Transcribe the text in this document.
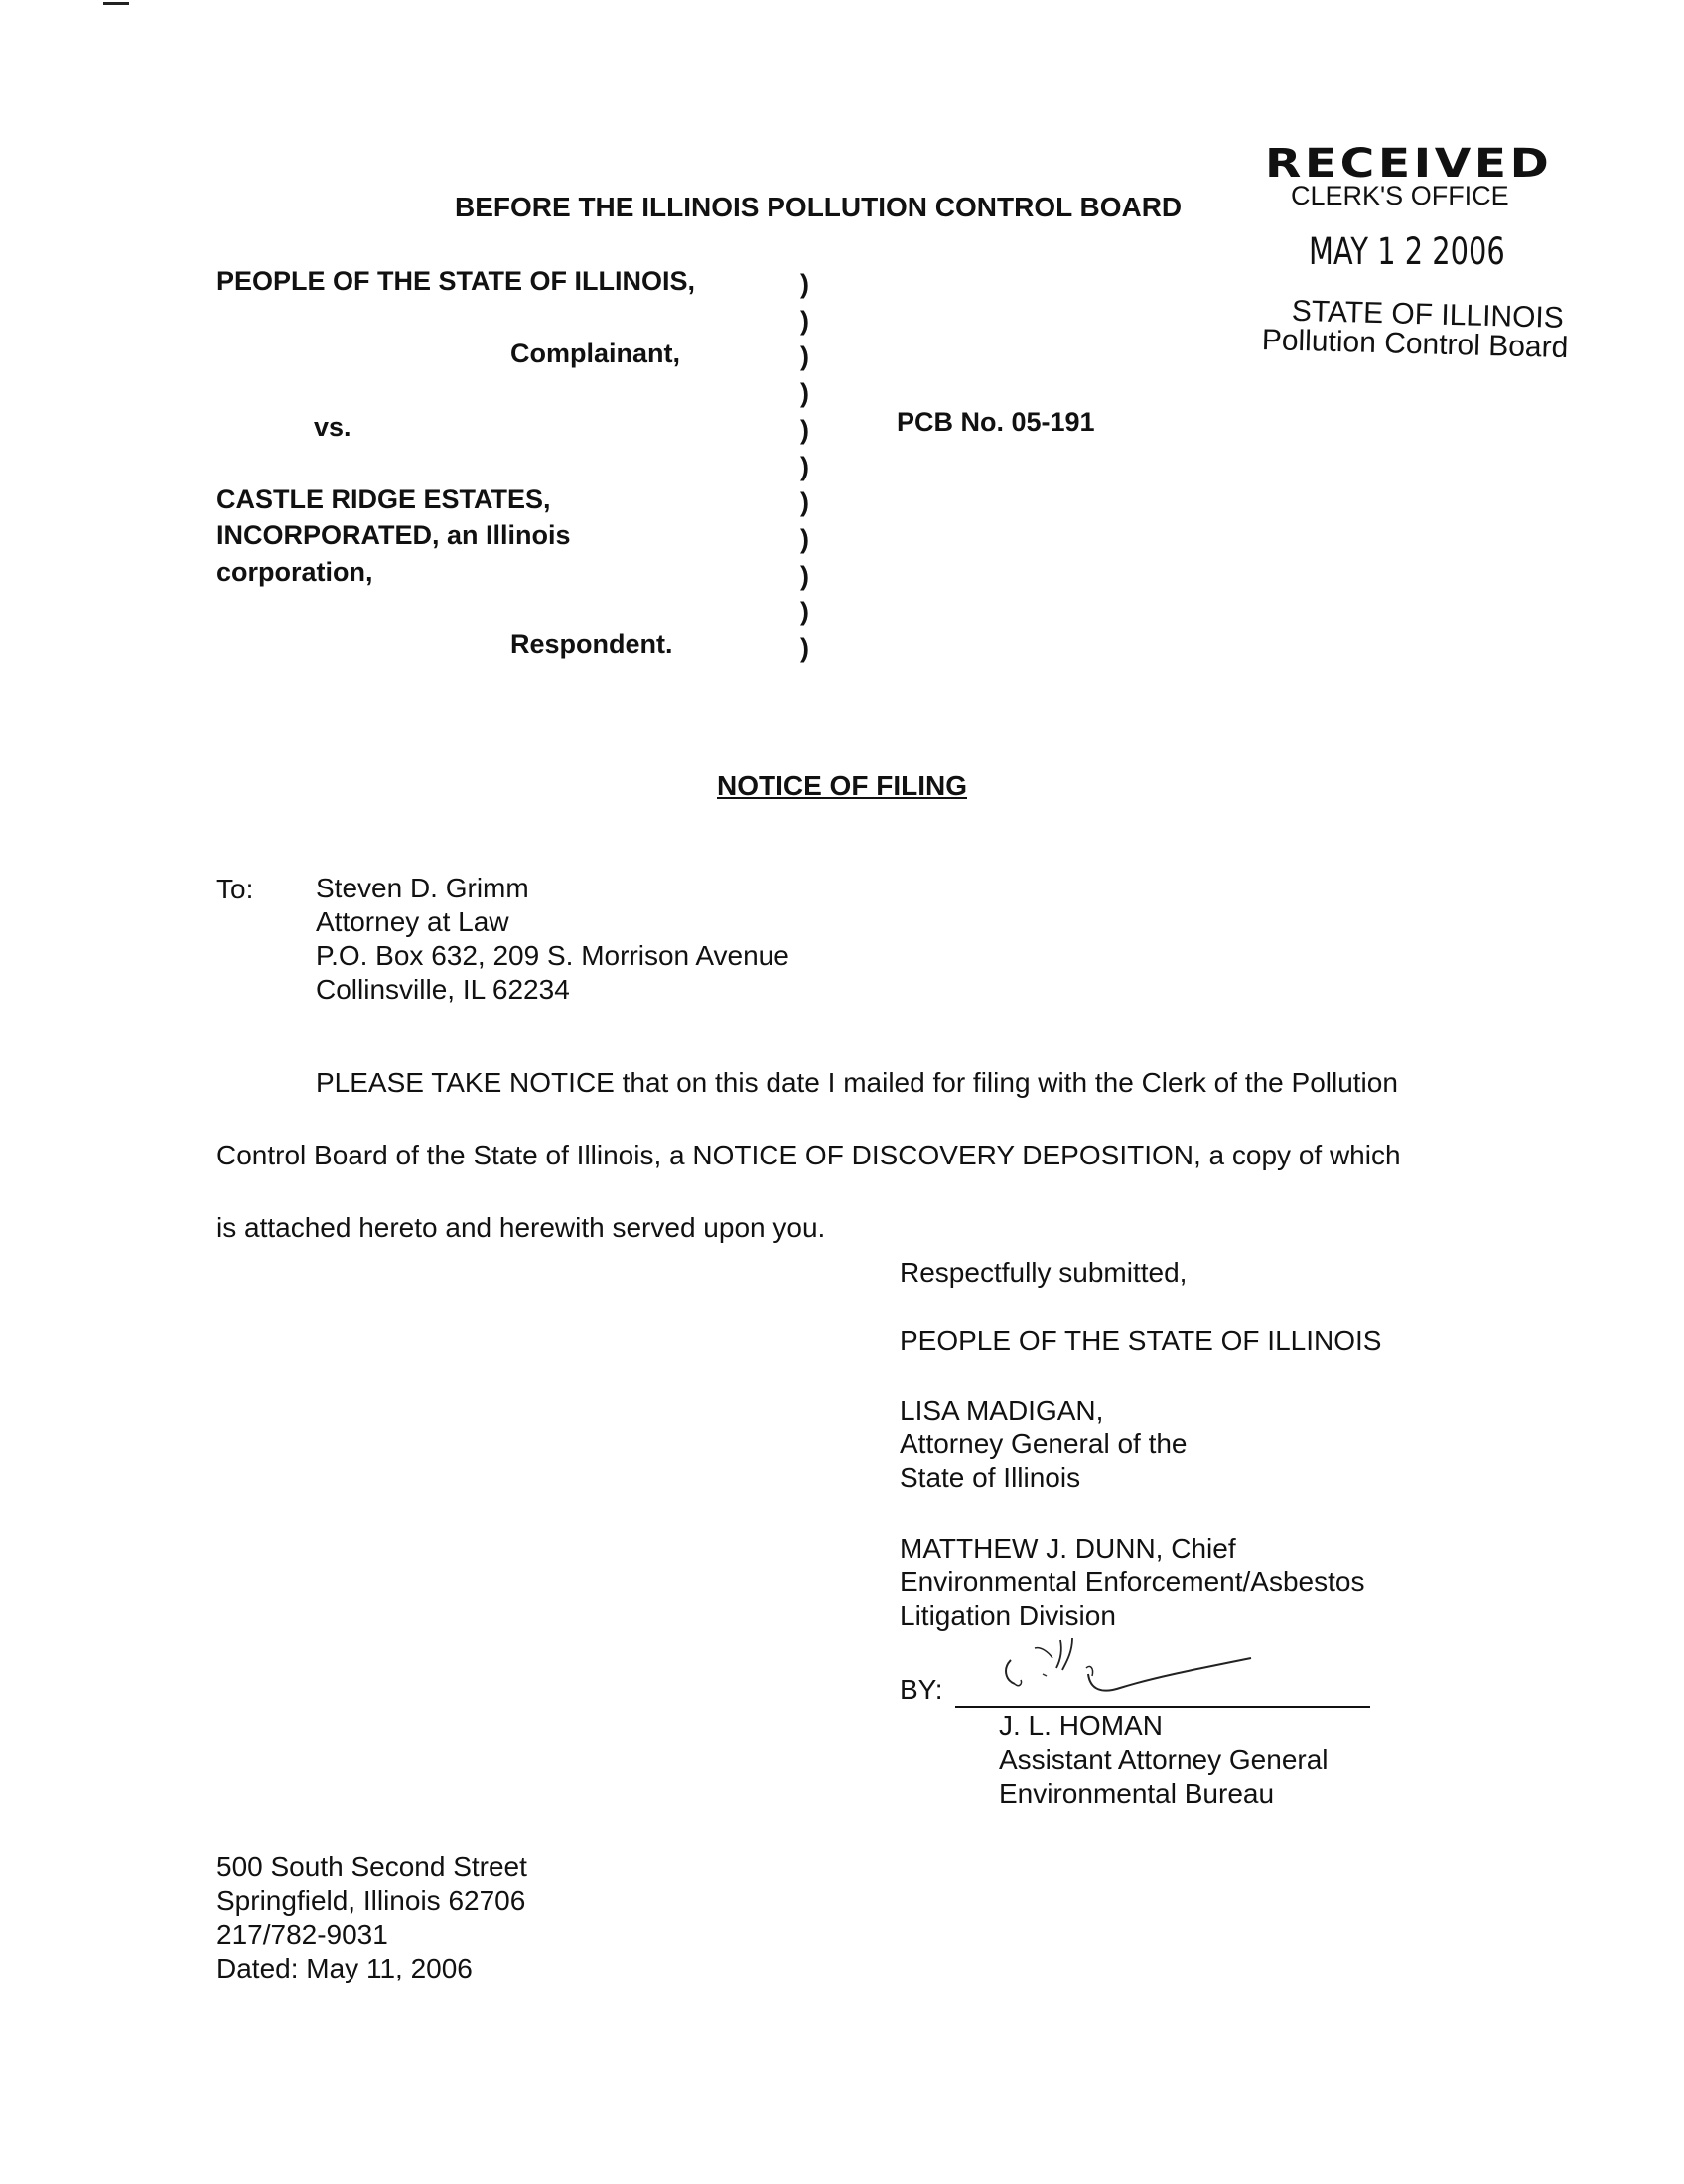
RECEIVED
CLERK'S OFFICE
MAY 1 2 2006
STATE OF ILLINOIS
Pollution Control Board
BEFORE THE ILLINOIS POLLUTION CONTROL BOARD
PEOPLE OF THE STATE OF ILLINOIS,
Complainant,
vs.
CASTLE RIDGE ESTATES,
INCORPORATED, an Illinois
corporation,
Respondent.
PCB No. 05-191
)
)
)
)
)
)
)
)
)
)
)
NOTICE OF FILING
To: Steven D. Grimm
Attorney at Law
P.O. Box 632, 209 S. Morrison Avenue
Collinsville, IL 62234
PLEASE TAKE NOTICE that on this date I mailed for filing with the Clerk of the Pollution
Control Board of the State of Illinois, a NOTICE OF DISCOVERY DEPOSITION, a copy of which
is attached hereto and herewith served upon you.
Respectfully submitted,
PEOPLE OF THE STATE OF ILLINOIS
LISA MADIGAN,
Attorney General of the
State of Illinois
MATTHEW J. DUNN, Chief
Environmental Enforcement/Asbestos
Litigation Division
BY:
J. L. HOMAN
Assistant Attorney General
Environmental Bureau
500 South Second Street
Springfield, Illinois 62706
217/782-9031
Dated: May 11, 2006
